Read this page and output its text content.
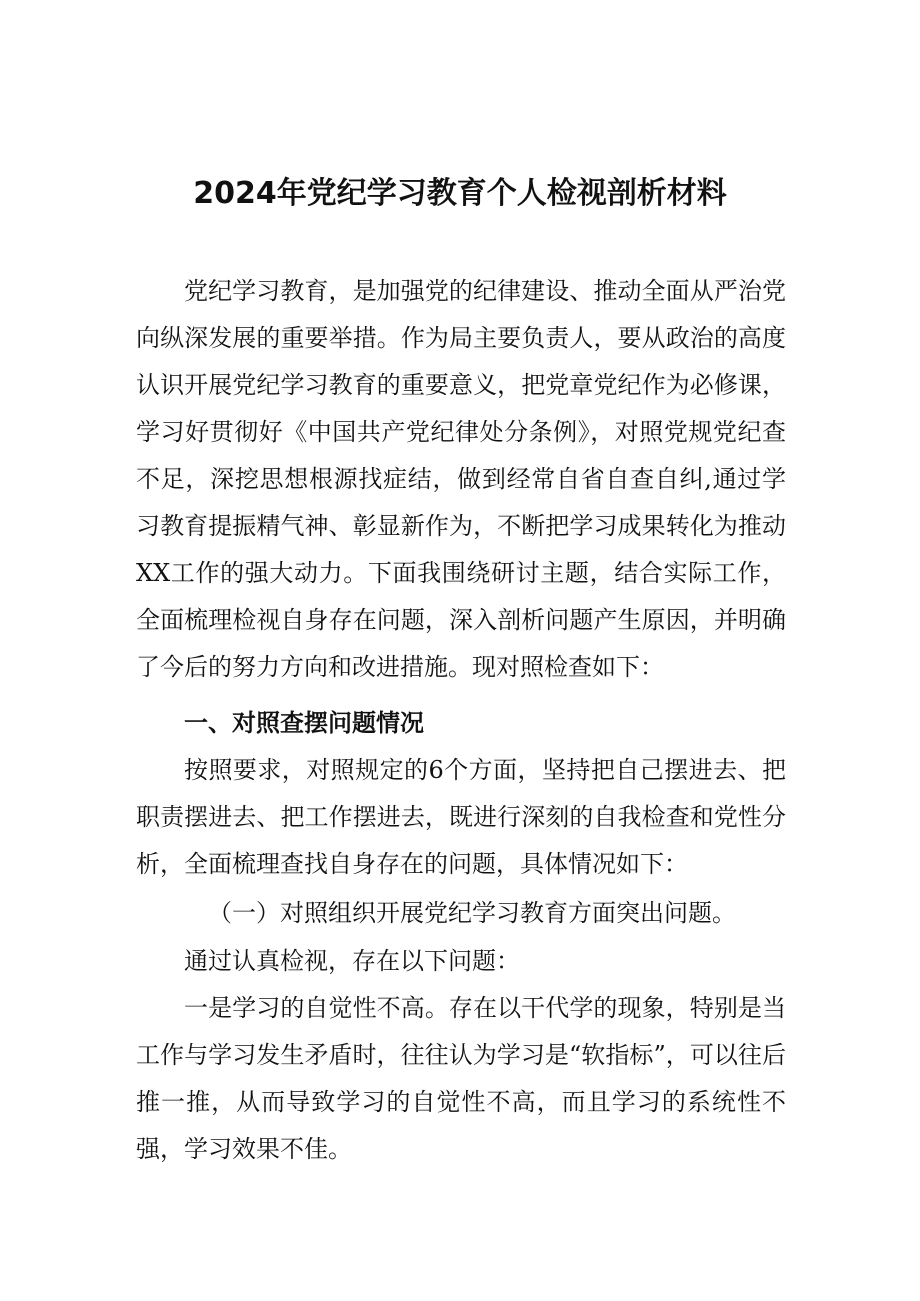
2024年党纪学习教育个人检视剖析材料
党纪学习教育，是加强党的纪律建设、推动全面从严治党向纵深发展的重要举措。作为局主要负责人，要从政治的高度认识开展党纪学习教育的重要意义，把党章党纪作为必修课，学习好贯彻好《中国共产党纪律处分条例》，对照党规党纪查不足，深挖思想根源找症结，做到经常自省自查自纠,通过学习教育提振精气神、彰显新作为，不断把学习成果转化为推动XX工作的强大动力。下面我围绕研讨主题，结合实际工作，全面梳理检视自身存在问题，深入剖析问题产生原因，并明确了今后的努力方向和改进措施。现对照检查如下：
一、对照查摆问题情况
按照要求，对照规定的6个方面，坚持把自己摆进去、把职责摆进去、把工作摆进去，既进行深刻的自我检查和党性分析，全面梳理查找自身存在的问题，具体情况如下：
（一）对照组织开展党纪学习教育方面突出问题。
通过认真检视，存在以下问题：
一是学习的自觉性不高。存在以干代学的现象，特别是当工作与学习发生矛盾时，往往认为学习是“软指标”，可以往后推一推，从而导致学习的自觉性不高，而且学习的系统性不强，学习效果不佳。
